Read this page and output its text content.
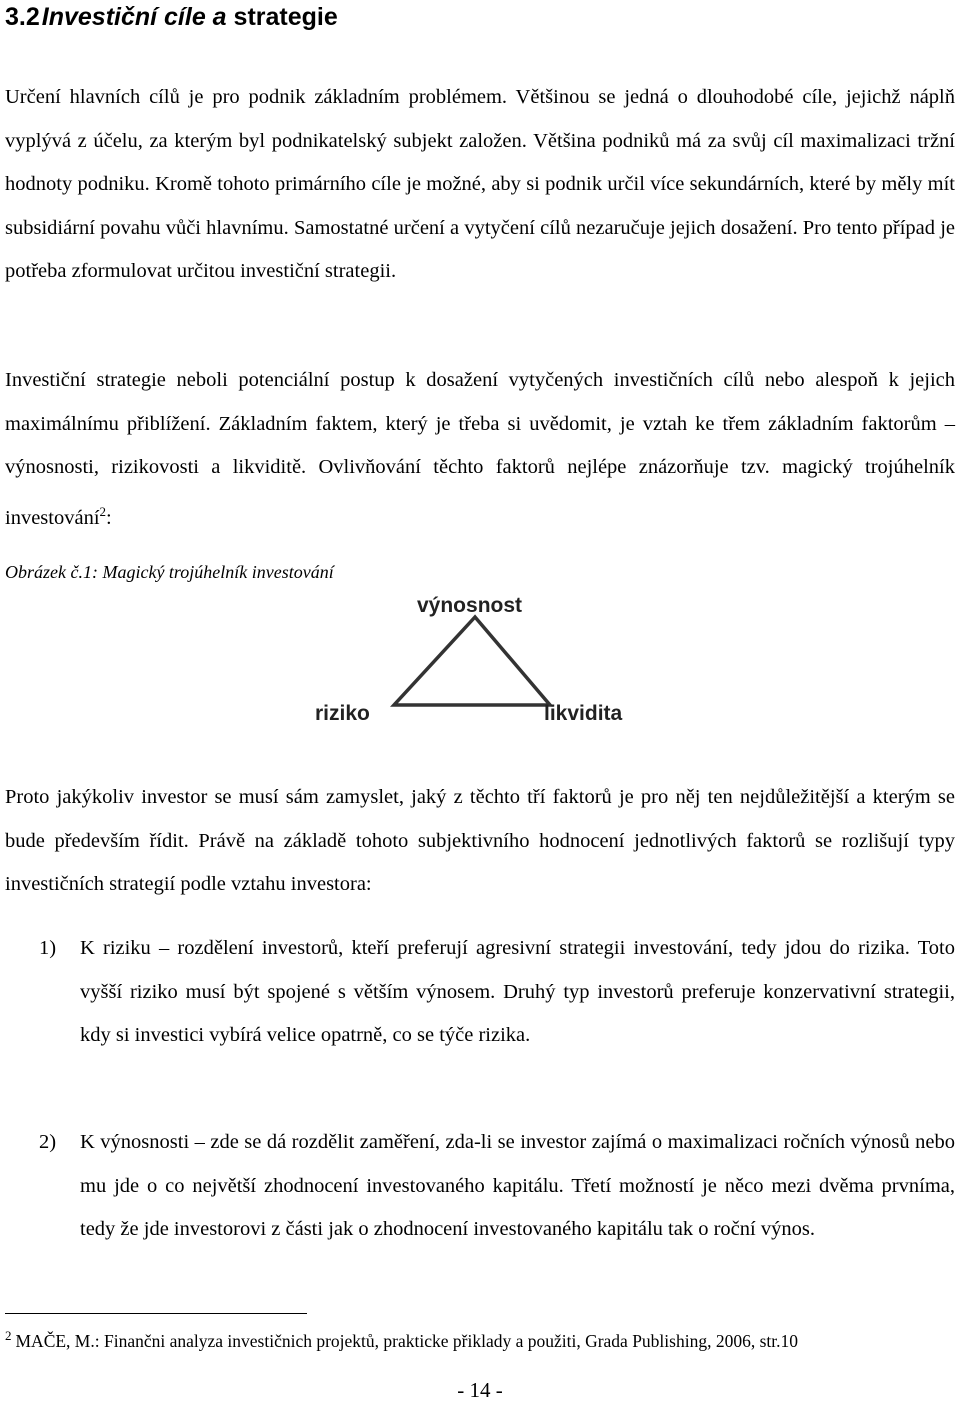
3.2Investiční cíle a strategie
Určení hlavních cílů je pro podnik základním problémem. Většinou se jedná o dlouhodobé cíle, jejichž náplň vyplývá z účelu, za kterým byl podnikatelský subjekt založen. Většina podniků má za svůj cíl maximalizaci tržní hodnoty podniku. Kromě tohoto primárního cíle je možné, aby si podnik určil více sekundárních, které by měly mít subsidiární povahu vůči hlavnímu. Samostatné určení a vytyčení cílů nezaručuje jejich dosažení. Pro tento případ je potřeba zformulovat určitou investiční strategii.
Investiční strategie neboli potenciální postup k dosažení vytyčených investičních cílů nebo alespoň k jejich maximálnímu přiblížení. Základním faktem, který je třeba si uvědomit, je vztah ke třem základním faktorům – výnosnosti, rizikovosti a likviditě. Ovlivňování těchto faktorů nejlépe znázorňuje tzv. magický trojúhelník investování$^2$:
Obrázek č.1: Magický trojúhelník investování
výnosnost
riziko	likvidita
Proto jakýkoliv investor se musí sám zamyslet, jaký z těchto tří faktorů je pro něj ten nejdůležitější a kterým se bude především řídit. Právě na základě tohoto subjektivního hodnocení jednotlivých faktorů se rozlišují typy investičních strategií podle vztahu investora:
1) K riziku – rozdělení investorů, kteří preferují agresivní strategii investování, tedy jdou do rizika. Toto vyšší riziko musí být spojené s větším výnosem. Druhý typ investorů preferuje konzervativní strategii, kdy si investici vybírá velice opatrně, co se týče rizika.
2) K výnosnosti – zde se dá rozdělit zaměření, zda-li se investor zajímá o maximalizaci ročních výnosů nebo mu jde o co největší zhodnocení investovaného kapitálu. Třetí možností je něco mezi dvěma prvníma, tedy že jde investorovi z části jak o zhodnocení investovaného kapitálu tak o roční výnos.
$^2$ MAČE, M.: Finančni analyza investičnich projektů, prakticke přiklady a použiti, Grada Publishing, 2006, str.10
- 14 -
